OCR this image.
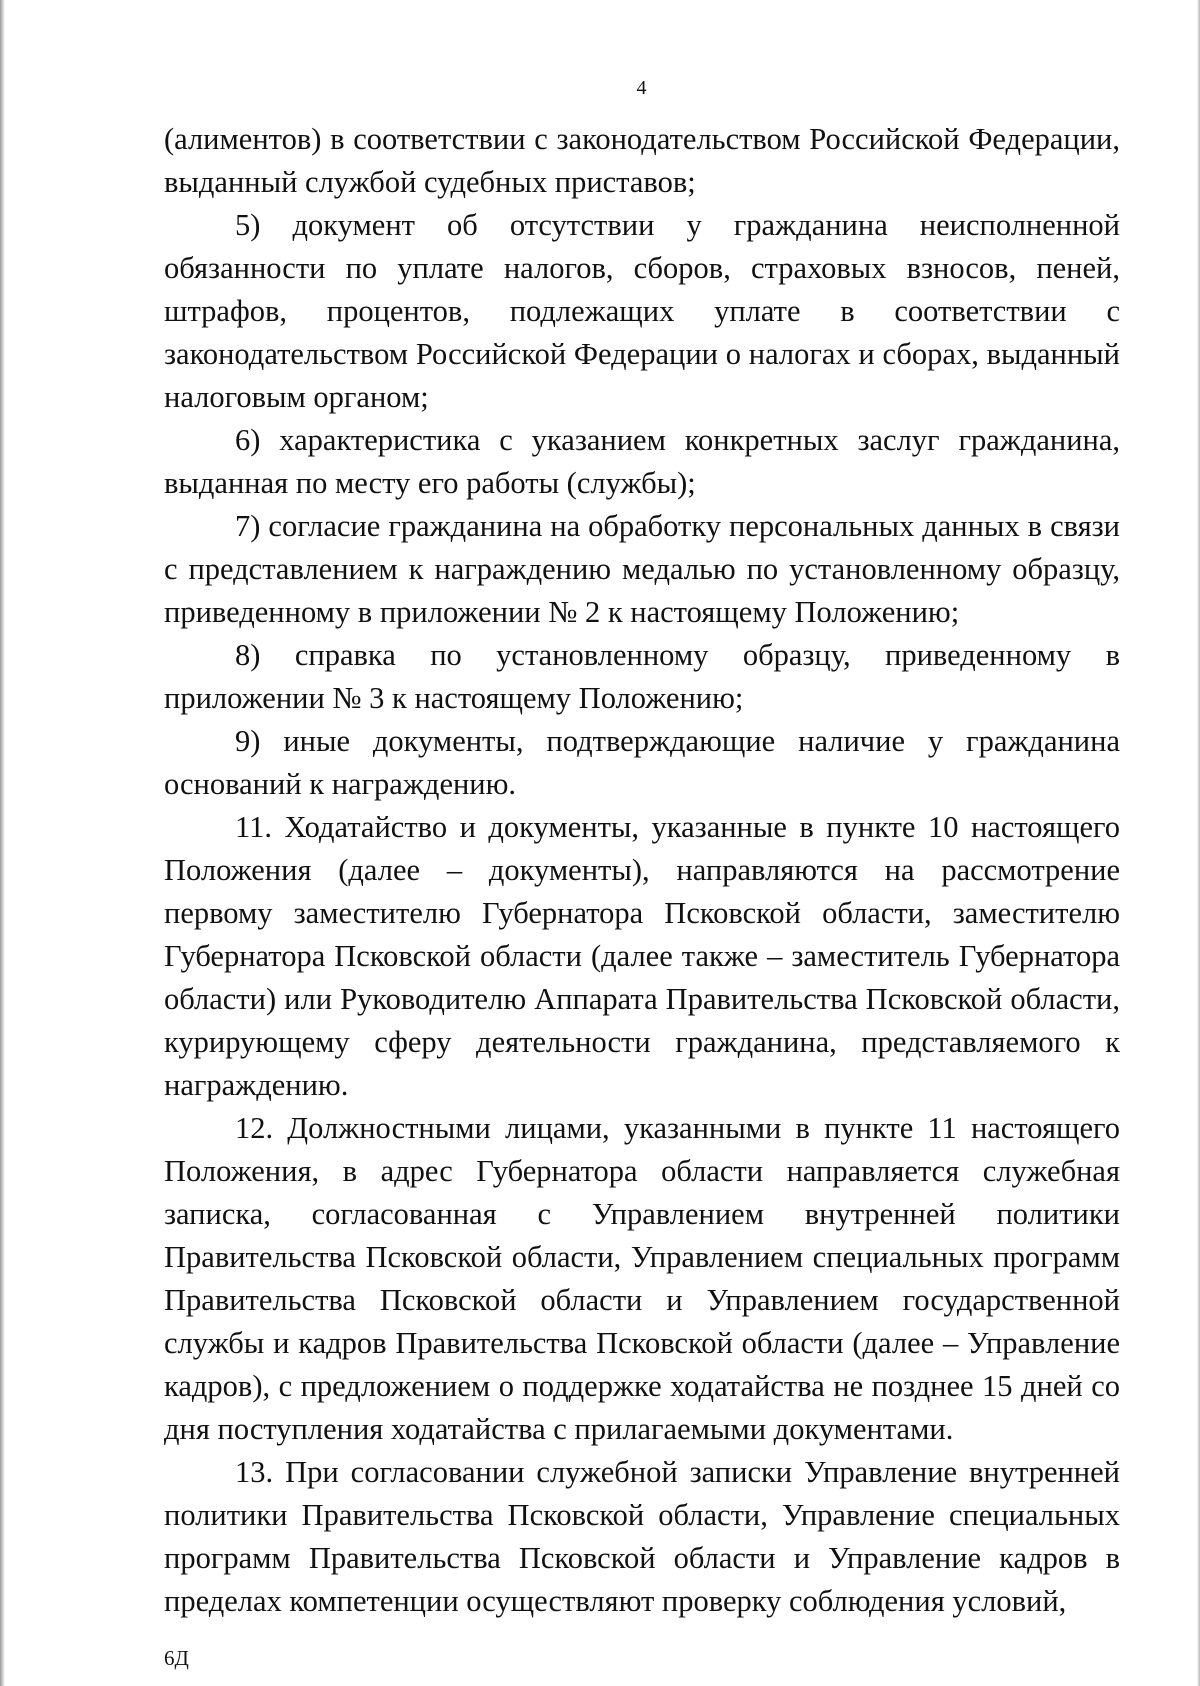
4

(алиментов) в соответствии с законодательством Российской Федерации, выданный службой судебных приставов;

5) документ об отсутствии у гражданина неисполненной обязанности по уплате налогов, сборов, страховых взносов, пеней, штрафов, процентов, подлежащих уплате в соответствии с законодательством Российской Федерации о налогах и сборах, выданный налоговым органом;

6) характеристика с указанием конкретных заслуг гражданина, выданная по месту его работы (службы);

7) согласие гражданина на обработку персональных данных в связи с представлением к награждению медалью по установленному образцу, приведенному в приложении № 2 к настоящему Положению;

8) справка по установленному образцу, приведенному в приложении № 3 к настоящему Положению;

9) иные документы, подтверждающие наличие у гражданина оснований к награждению.

11. Ходатайство и документы, указанные в пункте 10 настоящего Положения (далее – документы), направляются на рассмотрение первому заместителю Губернатора Псковской области, заместителю Губернатора Псковской области (далее также – заместитель Губернатора области) или Руководителю Аппарата Правительства Псковской области, курирующему сферу деятельности гражданина, представляемого к награждению.

12. Должностными лицами, указанными в пункте 11 настоящего Положения, в адрес Губернатора области направляется служебная записка, согласованная с Управлением внутренней политики Правительства Псковской области, Управлением специальных программ Правительства Псковской области и Управлением государственной службы и кадров Правительства Псковской области (далее – Управление кадров), с предложением о поддержке ходатайства не позднее 15 дней со дня поступления ходатайства с прилагаемыми документами.

13. При согласовании служебной записки Управление внутренней политики Правительства Псковской области, Управление специальных программ Правительства Псковской области и Управление кадров в пределах компетенции осуществляют проверку соблюдения условий,

6Д
